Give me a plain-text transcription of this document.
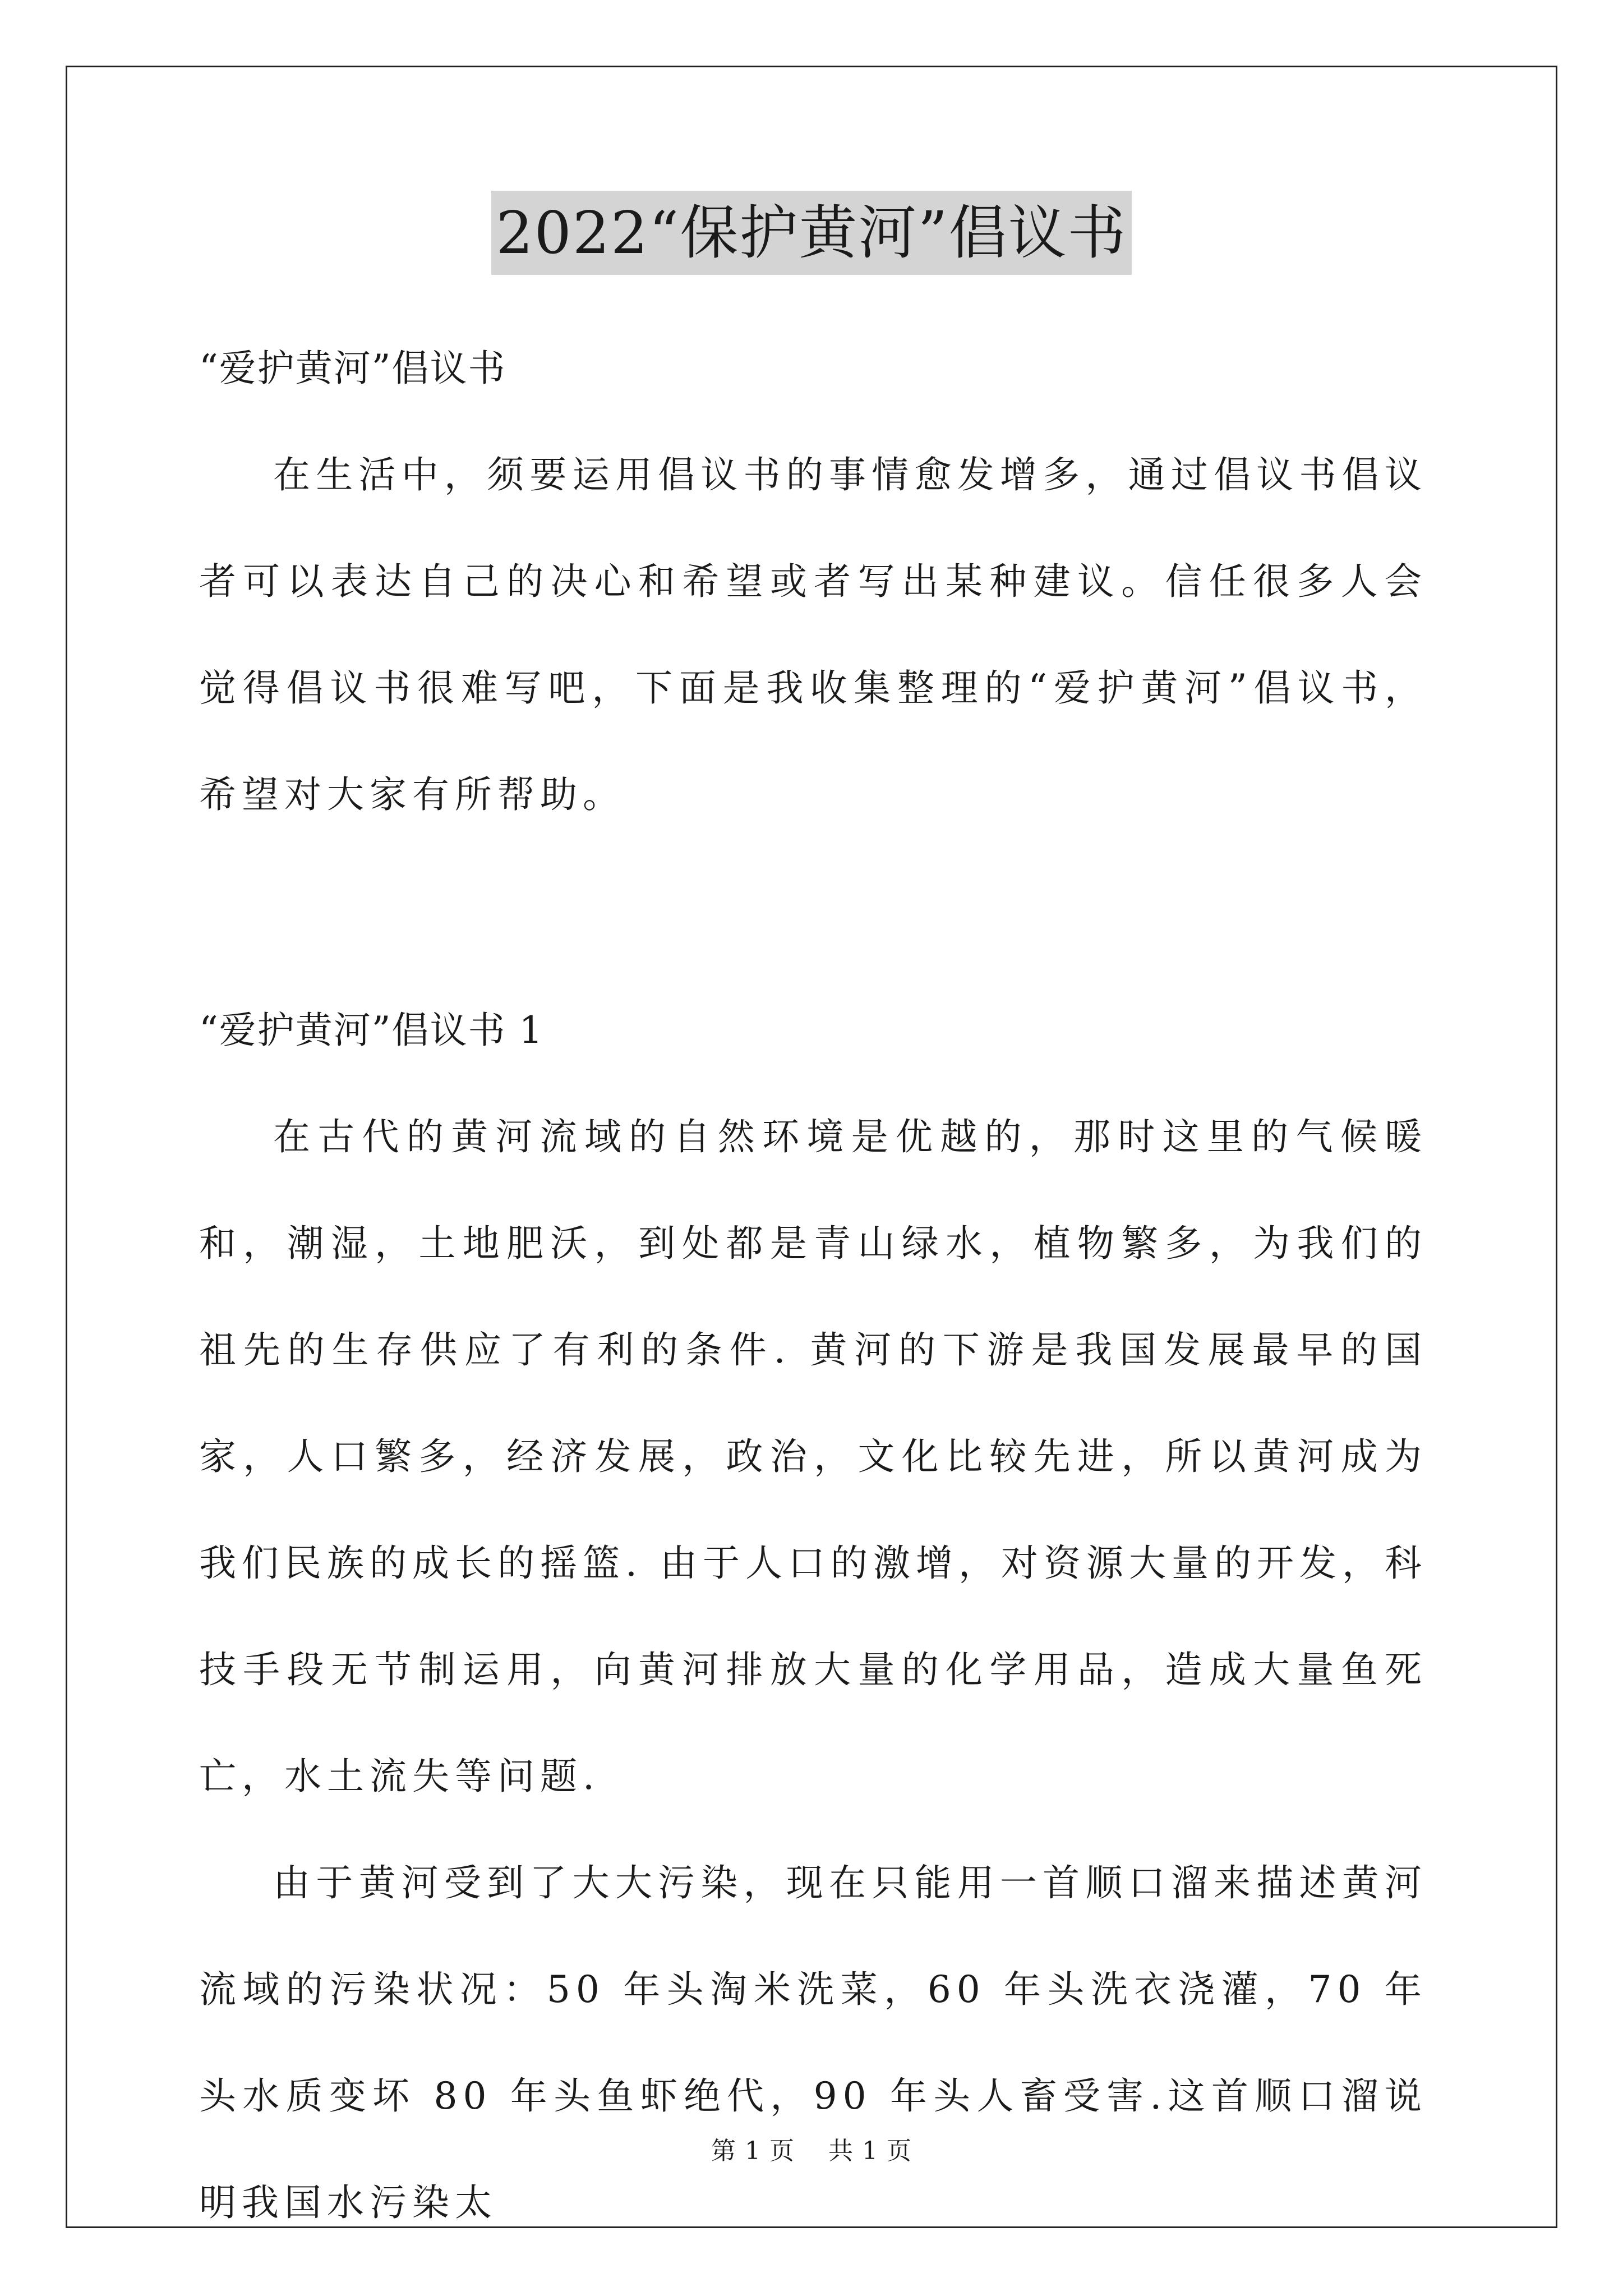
2022“保护黄河”倡议书

“爱护黄河”倡议书

在生活中，须要运用倡议书的事情愈发增多，通过倡议书倡议者可以表达自己的决心和希望或者写出某种建议。信任很多人会觉得倡议书很难写吧，下面是我收集整理的“爱护黄河”倡议书，希望对大家有所帮助。

“爱护黄河”倡议书 1

在古代的黄河流域的自然环境是优越的，那时这里的气候暖和，潮湿，土地肥沃，到处都是青山绿水，植物繁多，为我们的祖先的生存供应了有利的条件. 黄河的下游是我国发展最早的国家，人口繁多，经济发展，政治，文化比较先进，所以黄河成为我们民族的成长的摇篮. 由于人口的激增，对资源大量的开发，科技手段无节制运用，向黄河排放大量的化学用品，造成大量鱼死亡，水土流失等问题.

由于黄河受到了大大污染，现在只能用一首顺口溜来描述黄河流域的污染状况：50 年头淘米洗菜，60 年头洗衣浇灌，70 年头水质变坏 80 年头鱼虾绝代，90 年头人畜受害.这首顺口溜说明我国水污染太

第 1 页 共 1 页
